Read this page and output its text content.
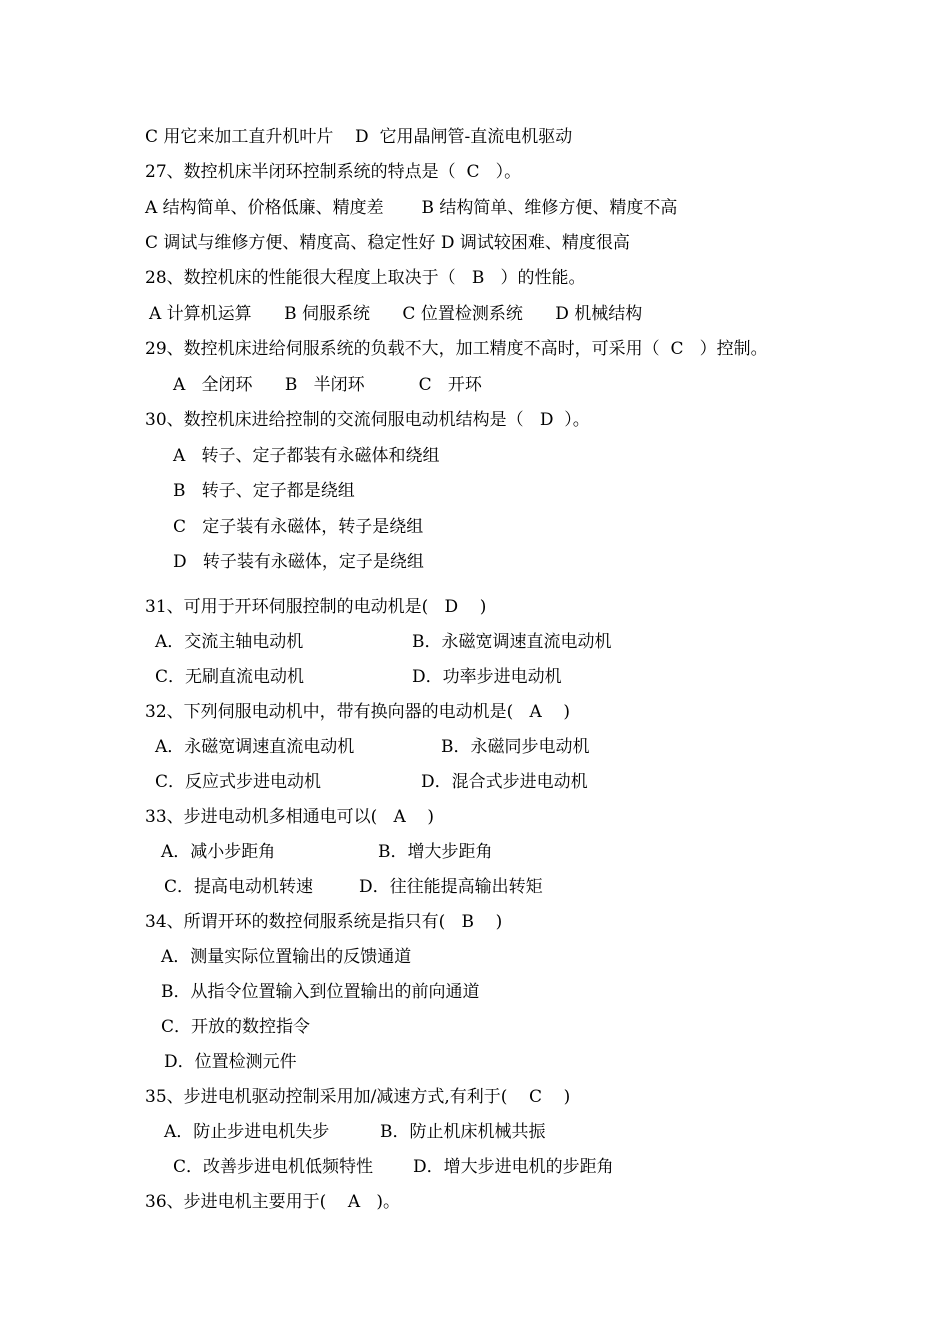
C 用它来加工直升机叶片    D  它用晶闸管-直流电机驱动
27、数控机床半闭环控制系统的特点是（  C   ）。
A 结构简单、价格低廉、精度差       B 结构简单、维修方便、精度不高
C 调试与维修方便、精度高、稳定性好 D 调试较困难、精度很高
28、数控机床的性能很大程度上取决于（   B   ）的性能。
A 计算机运算      B 伺服系统      C 位置检测系统      D 机械结构
29、数控机床进给伺服系统的负载不大，加工精度不高时，可采用（  C   ）控制。
A   全闭环      B   半闭环          C   开环
30、数控机床进给控制的交流伺服电动机结构是（   D  ）。
A   转子、定子都装有永磁体和绕组
B   转子、定子都是绕组
C   定子装有永磁体，转子是绕组
D   转子装有永磁体，定子是绕组
31、可用于开环伺服控制的电动机是(   D    )
A．交流主轴电动机	B．永磁宽调速直流电动机
C．无刷直流电动机	D．功率步进电动机
32、下列伺服电动机中，带有换向器的电动机是(   A    )
A．永磁宽调速直流电动机	B．永磁同步电动机
C．反应式步进电动机	D．混合式步进电动机
33、步进电动机多相通电可以(   A    )
A．减小步距角	B．增大步距角
C．提高电动机转速	D．往往能提高输出转矩
34、所谓开环的数控伺服系统是指只有(   B    )
A．测量实际位置输出的反馈通道
B．从指令位置输入到位置输出的前向通道
C．开放的数控指令
D．位置检测元件
35、步进电机驱动控制采用加/减速方式,有利于(    C    )
A．防止步进电机失步	B．防止机床机械共振
C．改善步进电机低频特性 D．增大步进电机的步距角
36、步进电机主要用于(    A   )。
